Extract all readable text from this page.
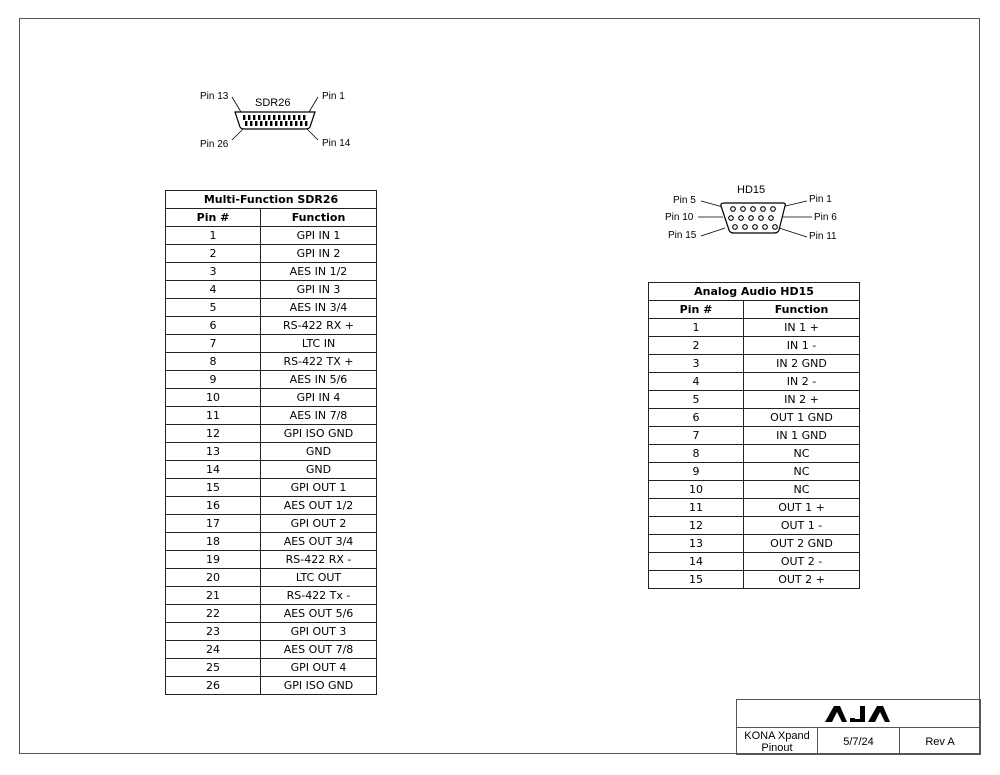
Pin 13
SDR26
Pin 1
Pin 26	Pin 14
HD15
Pin 5
Pin 10
Pin 15
Pin 1
Pin 6
Pin 11
Multi-Function SDR26	
Pin #	Function
1	GPI IN 1
2	GPI IN 2
3	AES IN 1/2
4	GPI IN 3
5	AES IN 3/4
6	RS-422 RX +
7	LTC IN
8	RS-422 TX +
9	AES IN 5/6
10	GPI IN 4
11	AES IN 7/8
12	GPI ISO GND
13	GND
14	GND
15	GPI OUT 1
16	AES OUT 1/2
17	GPI OUT 2
18	AES OUT 3/4
19	RS-422 RX -
20	LTC OUT
21	RS-422 Tx -
22	AES OUT 5/6
23	GPI OUT 3
24	AES OUT 7/8
25	GPI OUT 4
26	GPI ISO GND
Analog Audio HD15	
Pin #	Function
1	IN 1 +
2	IN 1 -
3	IN 2 GND
4	IN 2 -
5	IN 2 +
6	OUT 1 GND
7	IN 1 GND
8	NC
9	NC
10	NC
11	OUT 1 +
12	OUT 1 -
13	OUT 2 GND
14	OUT 2 -
15	OUT 2 +
KONA Xpand Pinout	5/7/24	Rev A
